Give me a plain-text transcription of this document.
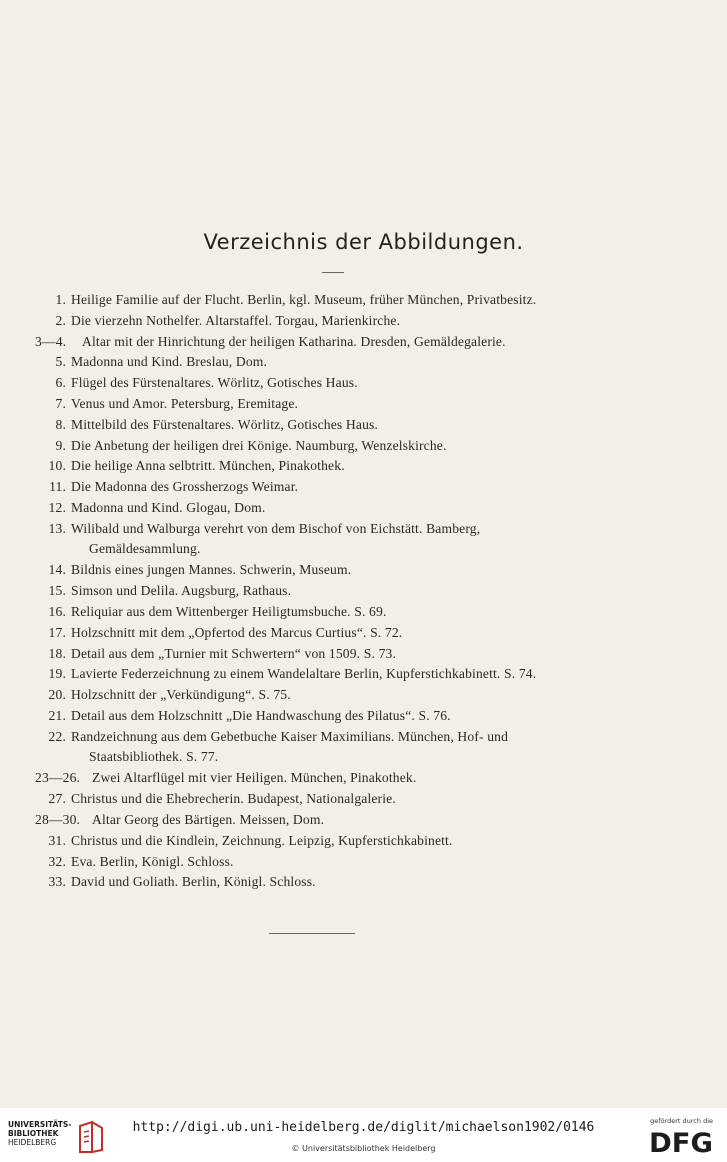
Verzeichnis der Abbildungen.
1. Heilige Familie auf der Flucht. Berlin, kgl. Museum, früher München, Privatbesitz.
2. Die vierzehn Nothelfer. Altarstaffel. Torgau, Marienkirche.
3—4. Altar mit der Hinrichtung der heiligen Katharina. Dresden, Gemäldegalerie.
5. Madonna und Kind. Breslau, Dom.
6. Flügel des Fürstenaltares. Wörlitz, Gotisches Haus.
7. Venus und Amor. Petersburg, Eremitage.
8. Mittelbild des Fürstenaltares. Wörlitz, Gotisches Haus.
9. Die Anbetung der heiligen drei Könige. Naumburg, Wenzelskirche.
10. Die heilige Anna selbtritt. München, Pinakothek.
11. Die Madonna des Grossherzogs Weimar.
12. Madonna und Kind. Glogau, Dom.
13. Wilibald und Walburga verehrt von dem Bischof von Eichstätt. Bamberg,
Gemäldesammlung.
14. Bildnis eines jungen Mannes. Schwerin, Museum.
15. Simson und Delila. Augsburg, Rathaus.
16. Reliquiar aus dem Wittenberger Heiligtumsbuche. S. 69.
17. Holzschnitt mit dem „Opfertod des Marcus Curtius“. S. 72.
18. Detail aus dem „Turnier mit Schwertern“ von 1509. S. 73.
19. Lavierte Federzeichnung zu einem Wandelaltare Berlin, Kupferstichkabinett. S. 74.
20. Holzschnitt der „Verkündigung“. S. 75.
21. Detail aus dem Holzschnitt „Die Handwaschung des Pilatus“. S. 76.
22. Randzeichnung aus dem Gebetbuche Kaiser Maximilians. München, Hof- und
Staatsbibliothek. S. 77.
23—26. Zwei Altarflügel mit vier Heiligen. München, Pinakothek.
27. Christus und die Ehebrecherin. Budapest, Nationalgalerie.
28—30. Altar Georg des Bärtigen. Meissen, Dom.
31. Christus und die Kindlein, Zeichnung. Leipzig, Kupferstichkabinett.
32. Eva. Berlin, Königl. Schloss.
33. David und Goliath. Berlin, Königl. Schloss.
UNIVERSITÄTS-
BIBLIOTHEK
HEIDELBERG
http://digi.ub.uni-heidelberg.de/diglit/michaelson1902/0146
© Universitätsbibliothek Heidelberg
gefördert durch die
DFG
